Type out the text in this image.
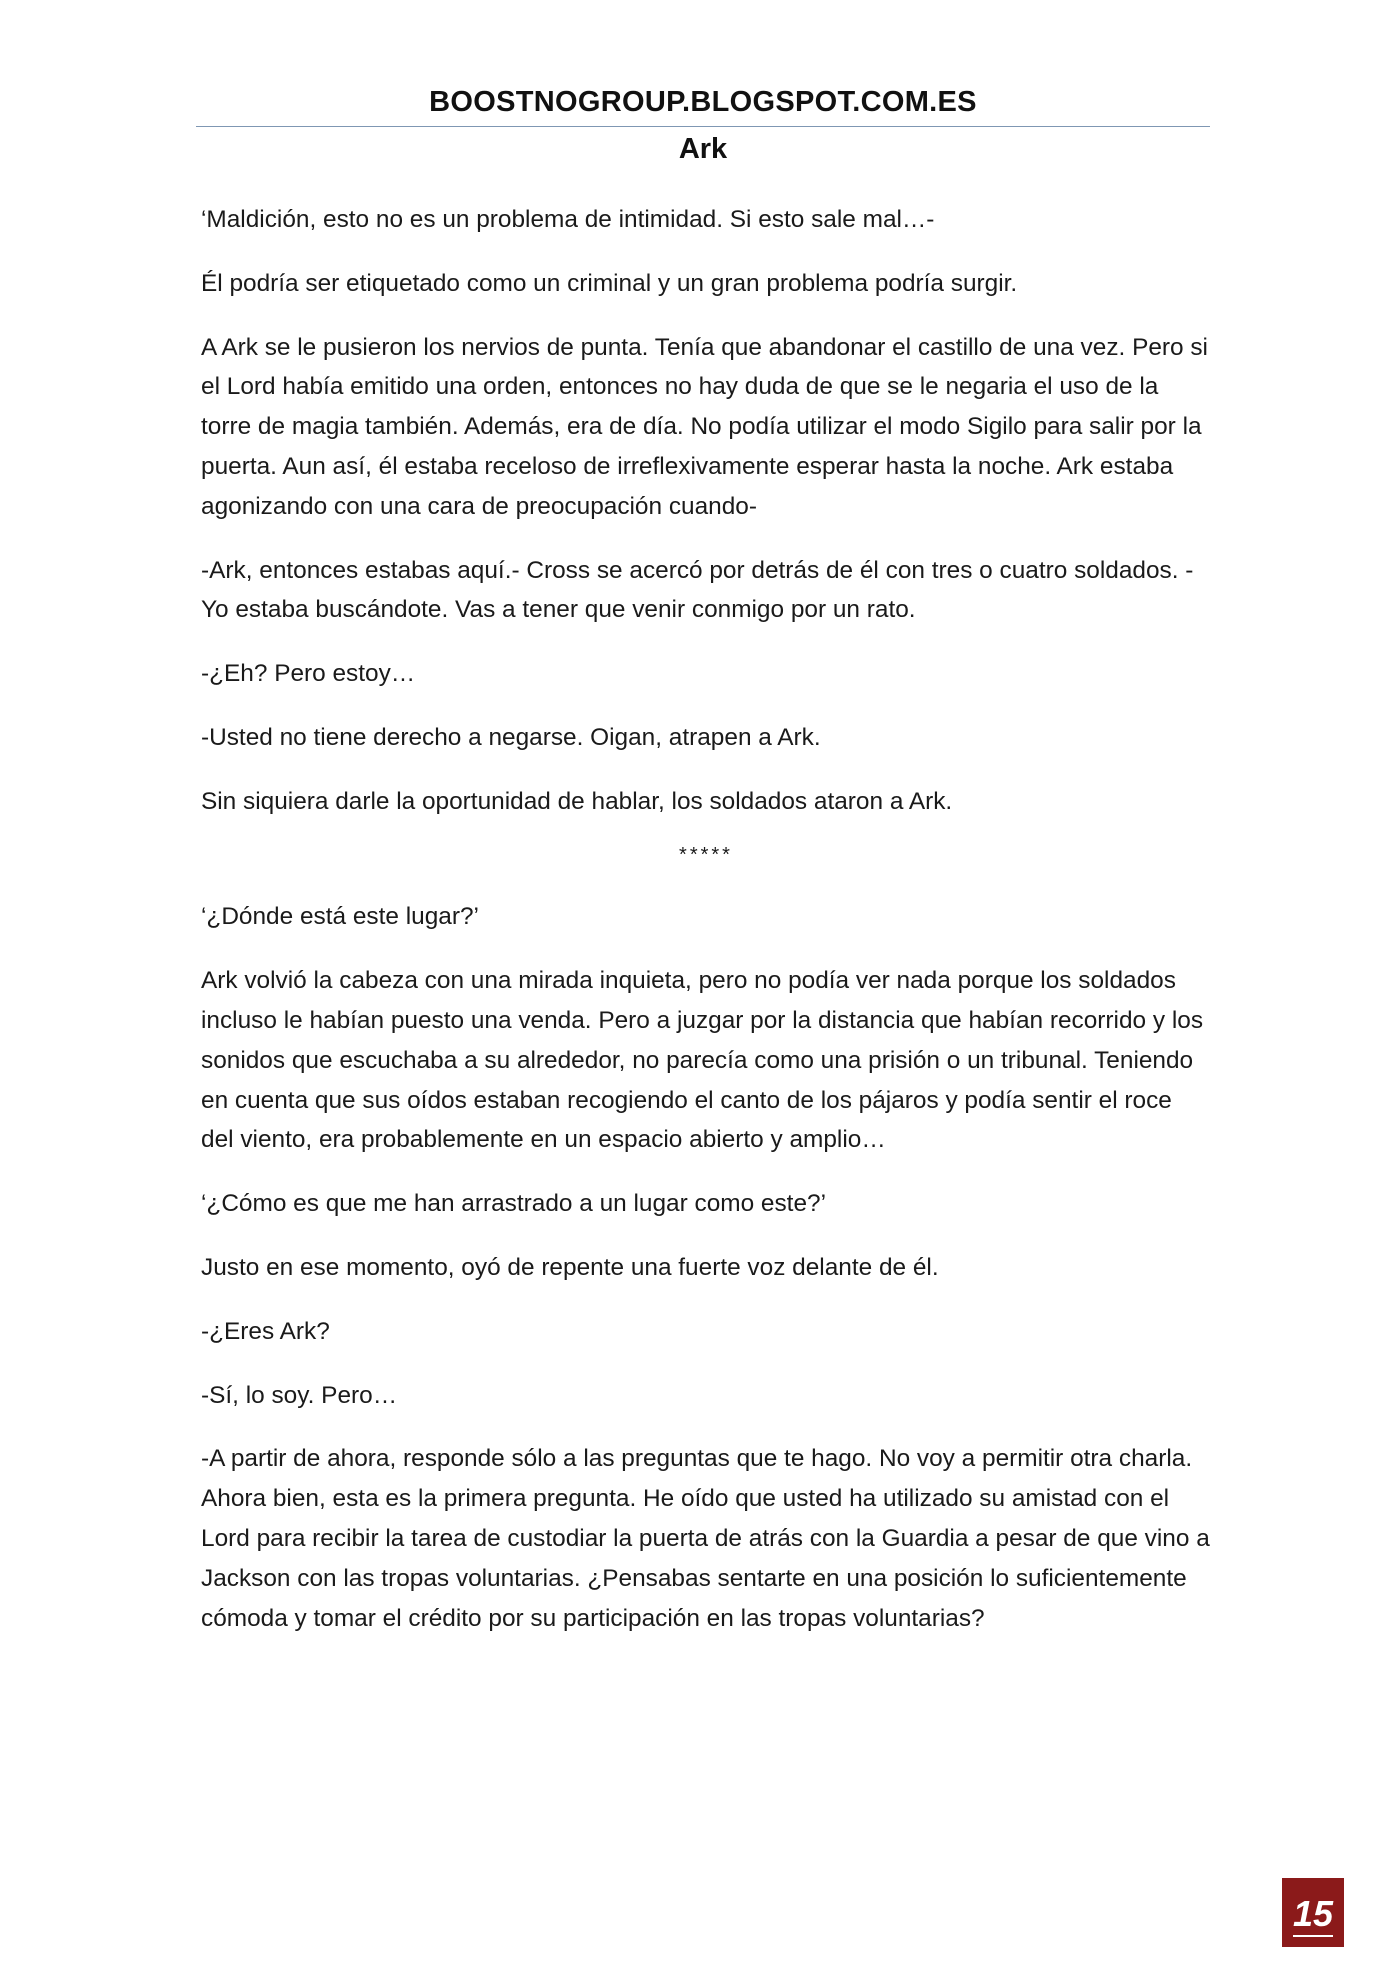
BOOSTNOGROUP.BLOGSPOT.COM.ES
Ark

‘Maldición, esto no es un problema de intimidad. Si esto sale mal…-

Él podría ser etiquetado como un criminal y un gran problema podría surgir.

A Ark se le pusieron los nervios de punta. Tenía que abandonar el castillo de una vez. Pero si el Lord había emitido una orden, entonces no hay duda de que se le negaria el uso de la torre de magia también. Además, era de día. No podía utilizar el modo Sigilo para salir por la puerta. Aun así, él estaba receloso de irreflexivamente esperar hasta la noche. Ark estaba agonizando con una cara de preocupación cuando-

-Ark, entonces estabas aquí.- Cross se acercó por detrás de él con tres o cuatro soldados. -Yo estaba buscándote. Vas a tener que venir conmigo por un rato.

-¿Eh? Pero estoy…

-Usted no tiene derecho a negarse. Oigan, atrapen a Ark.

Sin siquiera darle la oportunidad de hablar, los soldados ataron a Ark.

*****

‘¿Dónde está este lugar?’

Ark volvió la cabeza con una mirada inquieta, pero no podía ver nada porque los soldados incluso le habían puesto una venda. Pero a juzgar por la distancia que habían recorrido y los sonidos que escuchaba a su alrededor, no parecía como una prisión o un tribunal. Teniendo en cuenta que sus oídos estaban recogiendo el canto de los pájaros y podía sentir el roce del viento, era probablemente en un espacio abierto y amplio…

‘¿Cómo es que me han arrastrado a un lugar como este?’

Justo en ese momento, oyó de repente una fuerte voz delante de él.

-¿Eres Ark?

-Sí, lo soy. Pero…

-A partir de ahora, responde sólo a las preguntas que te hago. No voy a permitir otra charla. Ahora bien, esta es la primera pregunta. He oído que usted ha utilizado su amistad con el Lord para recibir la tarea de custodiar la puerta de atrás con la Guardia a pesar de que vino a Jackson con las tropas voluntarias. ¿Pensabas sentarte en una posición lo suficientemente cómoda y tomar el crédito por su participación en las tropas voluntarias?

15
